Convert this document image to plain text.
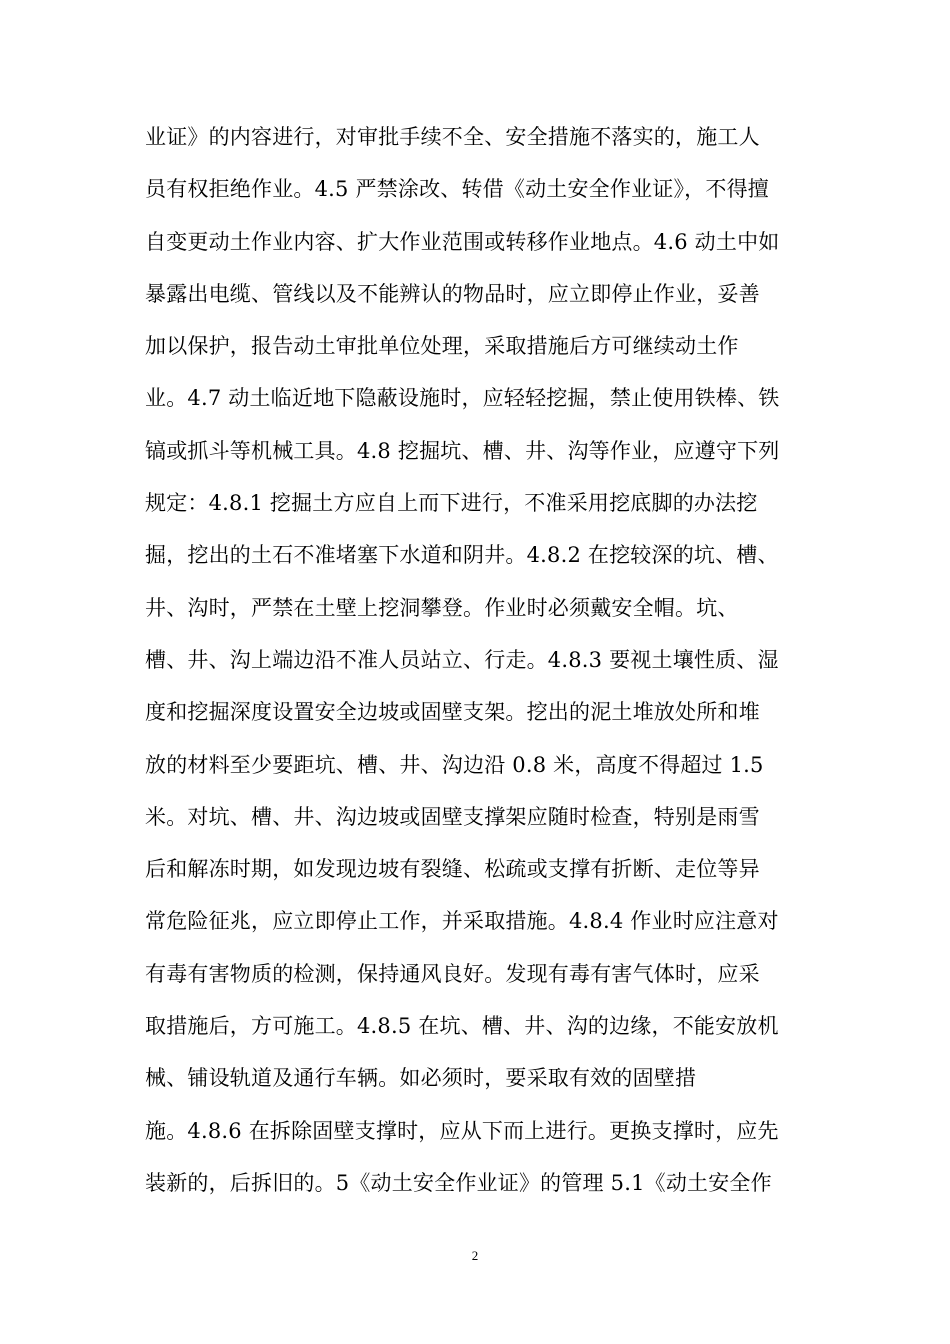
业证》的内容进行，对审批手续不全、安全措施不落实的，施工人
员有权拒绝作业。4.5 严禁涂改、转借《动土安全作业证》，不得擅
自变更动土作业内容、扩大作业范围或转移作业地点。4.6 动土中如
暴露出电缆、管线以及不能辨认的物品时，应立即停止作业，妥善
加以保护，报告动土审批单位处理，采取措施后方可继续动土作
业。4.7 动土临近地下隐蔽设施时，应轻轻挖掘，禁止使用铁棒、铁
镐或抓斗等机械工具。4.8 挖掘坑、槽、井、沟等作业，应遵守下列
规定：4.8.1 挖掘土方应自上而下进行，不准采用挖底脚的办法挖
掘，挖出的土石不准堵塞下水道和阴井。4.8.2 在挖较深的坑、槽、
井、沟时，严禁在土壁上挖洞攀登。作业时必须戴安全帽。坑、
槽、井、沟上端边沿不准人员站立、行走。4.8.3 要视土壤性质、湿
度和挖掘深度设置安全边坡或固壁支架。挖出的泥土堆放处所和堆
放的材料至少要距坑、槽、井、沟边沿 0.8 米，高度不得超过 1.5
米。对坑、槽、井、沟边坡或固壁支撑架应随时检查，特别是雨雪
后和解冻时期，如发现边坡有裂缝、松疏或支撑有折断、走位等异
常危险征兆，应立即停止工作，并采取措施。4.8.4 作业时应注意对
有毒有害物质的检测，保持通风良好。发现有毒有害气体时，应采
取措施后，方可施工。4.8.5 在坑、槽、井、沟的边缘，不能安放机
械、铺设轨道及通行车辆。如必须时，要采取有效的固壁措
施。4.8.6 在拆除固壁支撑时，应从下而上进行。更换支撑时，应先
装新的，后拆旧的。5《动土安全作业证》的管理 5.1《动土安全作
2
